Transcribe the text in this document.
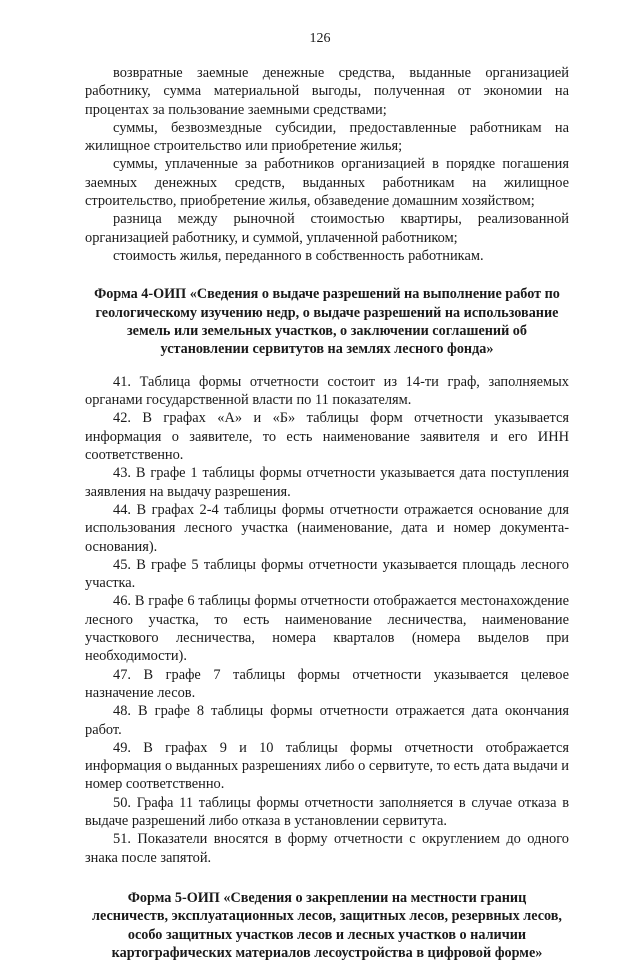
126

возвратные заемные денежные средства, выданные организацией работнику, сумма материальной выгоды, полученная от экономии на процентах за пользование заемными средствами;

суммы, безвозмездные субсидии, предоставленные работникам на жилищное строительство или приобретение жилья;

суммы, уплаченные за работников организацией в порядке погашения заемных денежных средств, выданных работникам на жилищное строительство, приобретение жилья, обзаведение домашним хозяйством;

разница между рыночной стоимостью квартиры, реализованной организацией работнику, и суммой, уплаченной работником;

стоимость жилья, переданного в собственность работникам.

Форма 4-ОИП «Сведения о выдаче разрешений на выполнение работ по геологическому изучению недр, о выдаче разрешений на использование земель или земельных участков, о заключении соглашений об установлении сервитутов на землях лесного фонда»

41. Таблица формы отчетности состоит из 14-ти граф, заполняемых органами государственной власти по 11 показателям.

42. В графах «А» и «Б» таблицы форм отчетности указывается информация о заявителе, то есть наименование заявителя и его ИНН соответственно.

43. В графе 1 таблицы формы отчетности указывается дата поступления заявления на выдачу разрешения.

44. В графах 2-4 таблицы формы отчетности отражается основание для использования лесного участка (наименование, дата и номер документа-основания).

45. В графе 5 таблицы формы отчетности указывается площадь лесного участка.

46. В графе 6 таблицы формы отчетности отображается местонахождение лесного участка, то есть наименование лесничества, наименование участкового лесничества, номера кварталов (номера выделов при необходимости).

47. В графе 7 таблицы формы отчетности указывается целевое назначение лесов.

48. В графе 8 таблицы формы отчетности отражается дата окончания работ.

49. В графах 9 и 10 таблицы формы отчетности отображается информация о выданных разрешениях либо о сервитуте, то есть дата выдачи и номер соответственно.

50. Графа 11 таблицы формы отчетности заполняется в случае отказа в выдаче разрешений либо отказа в установлении сервитута.

51. Показатели вносятся в форму отчетности с округлением до одного знака после запятой.

Форма 5-ОИП «Сведения о закреплении на местности границ лесничеств, эксплуатационных лесов, защитных лесов, резервных лесов, особо защитных участков лесов и лесных участков о наличии картографических материалов лесоустройства в цифровой форме»
